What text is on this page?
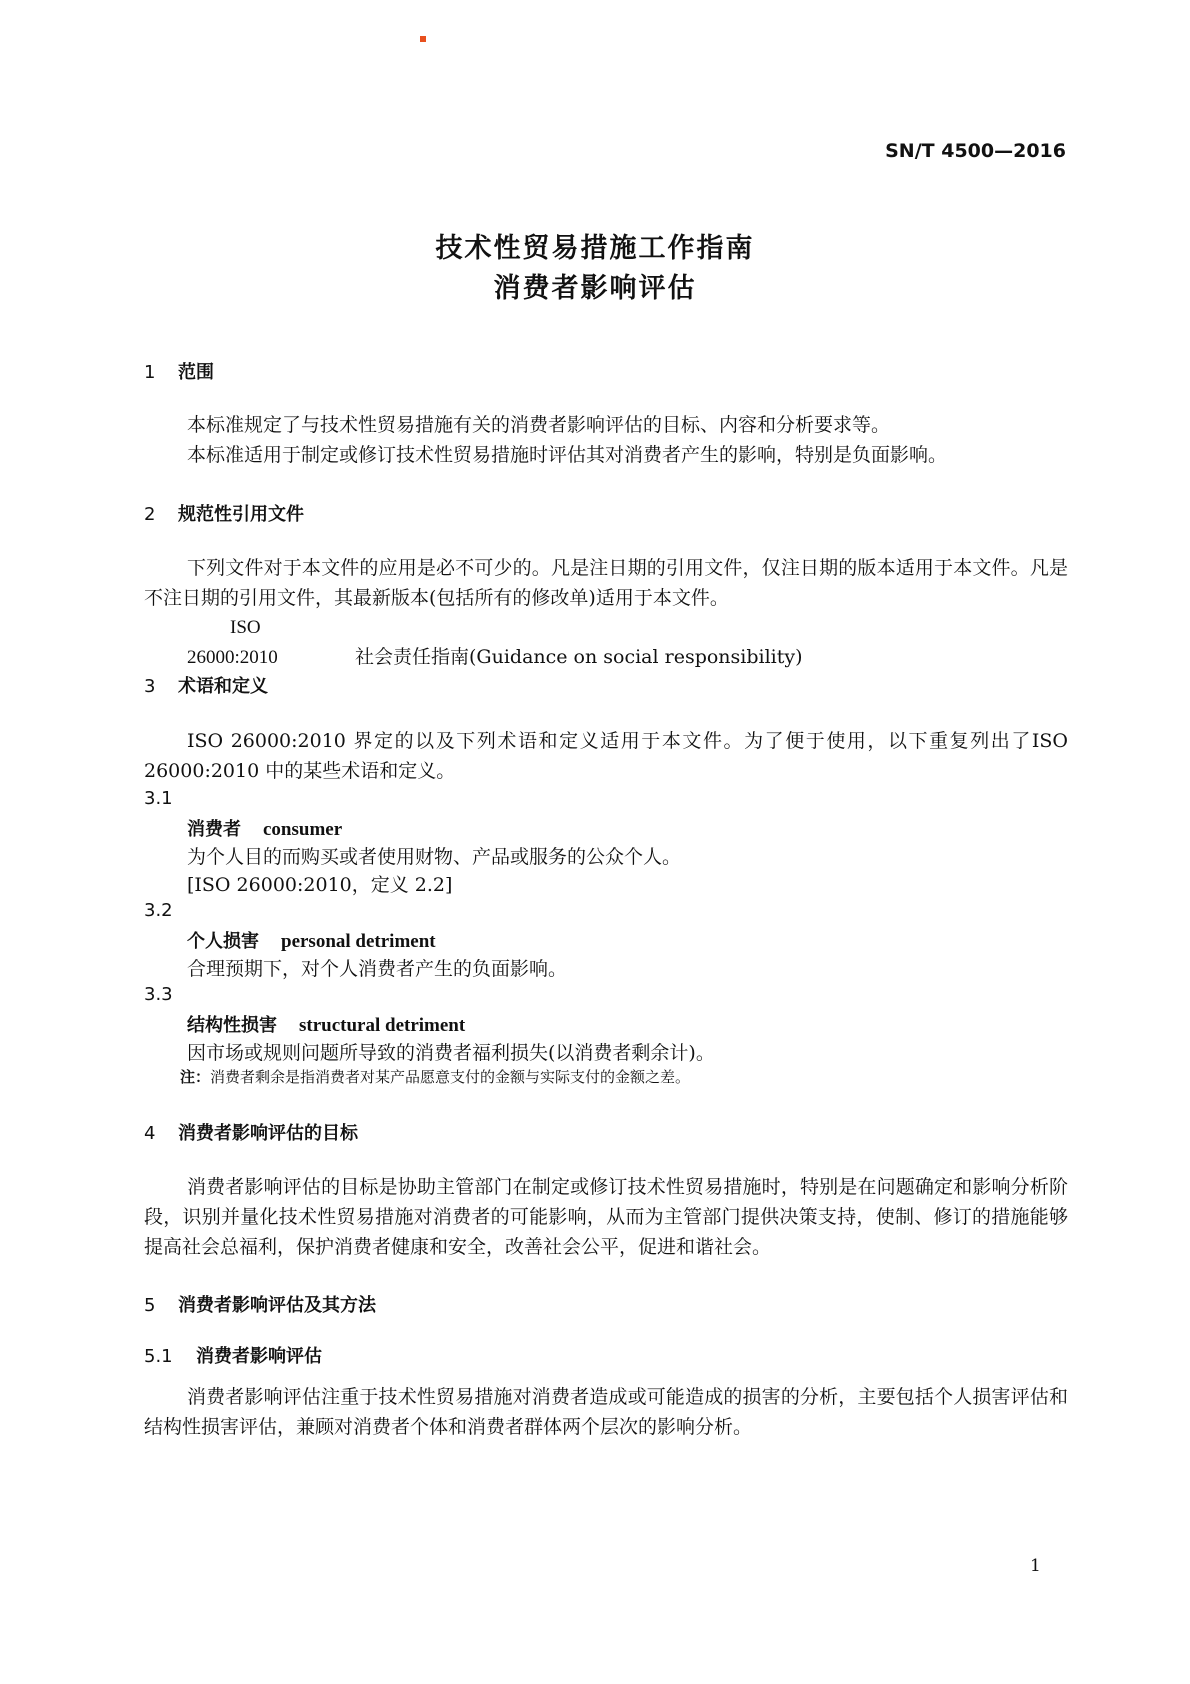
SN/T 4500—2016
技术性贸易措施工作指南
消费者影响评估
1 范围
本标准规定了与技术性贸易措施有关的消费者影响评估的目标、内容和分析要求等。
本标准适用于制定或修订技术性贸易措施时评估其对消费者产生的影响，特别是负面影响。
2 规范性引用文件
下列文件对于本文件的应用是必不可少的。凡是注日期的引用文件，仅注日期的版本适用于本文件。凡是不注日期的引用文件，其最新版本(包括所有的修改单)适用于本文件。
ISO 26000:2010	社会责任指南(Guidance on social responsibility)
3 术语和定义
ISO 26000:2010 界定的以及下列术语和定义适用于本文件。为了便于使用，以下重复列出了ISO 26000:2010 中的某些术语和定义。
3.1
消费者 consumer
为个人目的而购买或者使用财物、产品或服务的公众个人。
[ISO 26000:2010，定义 2.2]
3.2
个人损害 personal detriment
合理预期下，对个人消费者产生的负面影响。
3.3
结构性损害 structural detriment
因市场或规则问题所导致的消费者福利损失(以消费者剩余计)。
注：消费者剩余是指消费者对某产品愿意支付的金额与实际支付的金额之差。
4 消费者影响评估的目标
消费者影响评估的目标是协助主管部门在制定或修订技术性贸易措施时，特别是在问题确定和影响分析阶段，识别并量化技术性贸易措施对消费者的可能影响，从而为主管部门提供决策支持，使制、修订的措施能够提高社会总福利，保护消费者健康和安全，改善社会公平，促进和谐社会。
5 消费者影响评估及其方法
5.1 消费者影响评估
消费者影响评估注重于技术性贸易措施对消费者造成或可能造成的损害的分析，主要包括个人损害评估和结构性损害评估，兼顾对消费者个体和消费者群体两个层次的影响分析。
1
